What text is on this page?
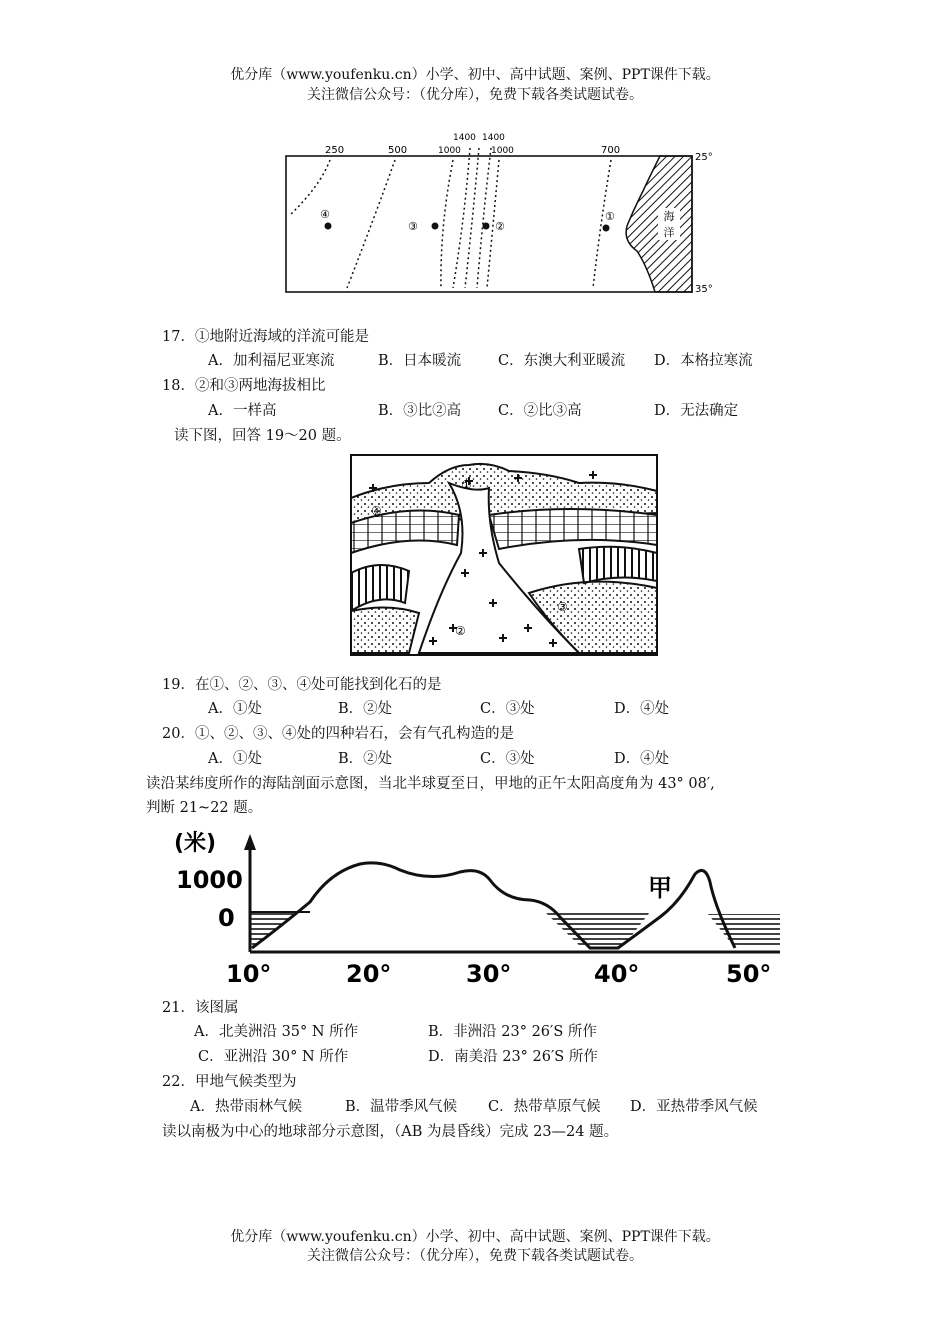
优分库（www.youfenku.cn）小学、初中、高中试题、案例、PPT课件下载。
关注微信公众号：（优分库），免费下载各类试题试卷。
海
洋
250	500	1000
1400 1400
1000	700
25°
35°
④
③	②
①
17．①地附近海域的洋流可能是
A．加利福尼亚寒流	B．日本暖流	C．东澳大利亚暖流 D．本格拉寒流
18．②和③两地海拔相比
A．一样高	B．③比②高	C．②比③高	D．无法确定
读下图，回答 19～20 题。
①
②
③
④
19．在①、②、③、④处可能找到化石的是
A．①处	B．②处	C．③处	D．④处
20．①、②、③、④处的四种岩石，会有气孔构造的是
A．①处	B．②处	C．③处	D．④处
读沿某纬度所作的海陆剖面示意图，当北半球夏至日，甲地的正午太阳高度角为 43° 08′,
判断 21~22 题。
(米)
1000
0
10°	20°	30°	40°	50°
甲
21．该图属
A．北美洲沿 35° N 所作	B．非洲沿 23° 26′S 所作
C．亚洲沿 30° N 所作	D．南美沿 23° 26′S 所作
22．甲地气候类型为
A．热带雨林气候	B．温带季风气候 C．热带草原气候 D．亚热带季风气候
读以南极为中心的地球部分示意图，（AB 为晨昏线）完成 23—24 题。
优分库（www.youfenku.cn）小学、初中、高中试题、案例、PPT课件下载。
关注微信公众号：（优分库），免费下载各类试题试卷。
